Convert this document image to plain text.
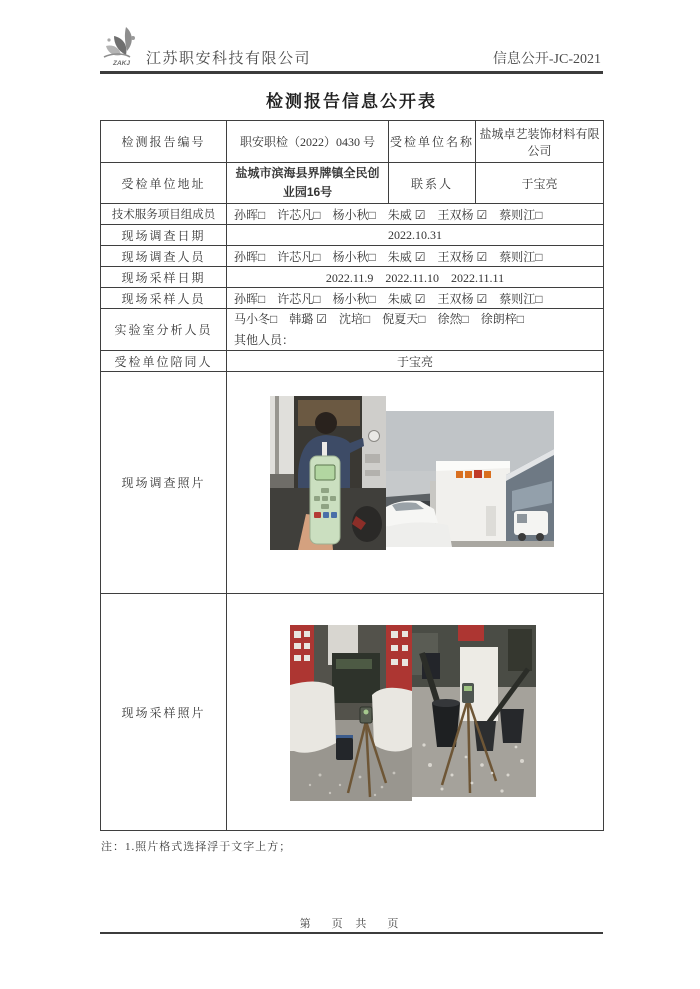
ZAKJ 江苏职安科技有限公司	信息公开-JC-2021
检测报告信息公开表
检测报告编号	职安职检（2022）0430 号	受检单位名称	盐城卓艺装饰材料有限公司
受检单位地址	盐城市滨海县界牌镇全民创业园16号	联系人	于宝亮
技术服务项目组成员	孙晖□　许芯凡□　杨小秋□　朱威 ☑　王双杨 ☑　蔡则江□		
现场调查日期	2022.10.31		
现场调查人员	孙晖□　许芯凡□　杨小秋□　朱威 ☑　王双杨 ☑　蔡则江□		
现场采样日期	2022.11.9　2022.11.10　2022.11.11		
现场采样人员	孙晖□　许芯凡□　杨小秋□　朱威 ☑　王双杨 ☑　蔡则江□		
实验室分析人员	马小冬□　韩璐 ☑　沈培□　倪夏天□　徐然□　徐朗梓□
其他人员：		

受检单位陪同人	于宝亮		
现场调查照片	

现场采样照片	
注：1.照片格式选择浮于文字上方；
第　页 共　页
